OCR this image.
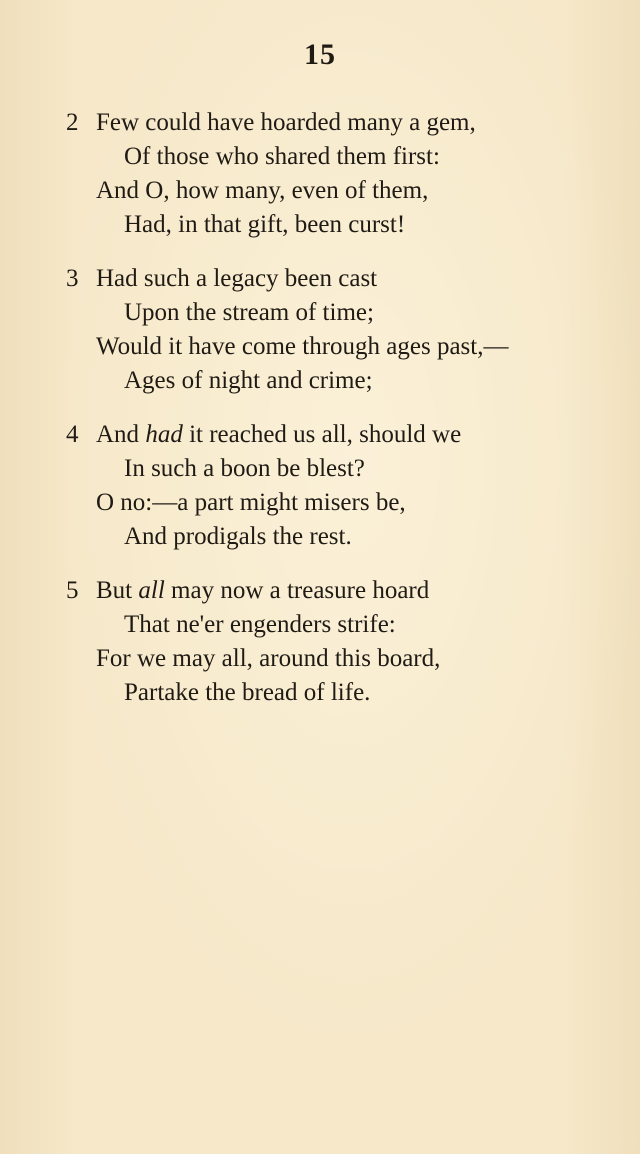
15
2 Few could have hoarded many a gem,
Of those who shared them first:
And O, how many, even of them,
Had, in that gift, been curst!
3 Had such a legacy been cast
Upon the stream of time;
Would it have come through ages past,—
Ages of night and crime;
4 And had it reached us all, should we
In such a boon be blest?
O no:—a part might misers be,
And prodigals the rest.
5 But all may now a treasure hoard
That ne'er engenders strife:
For we may all, around this board,
Partake the bread of life.
